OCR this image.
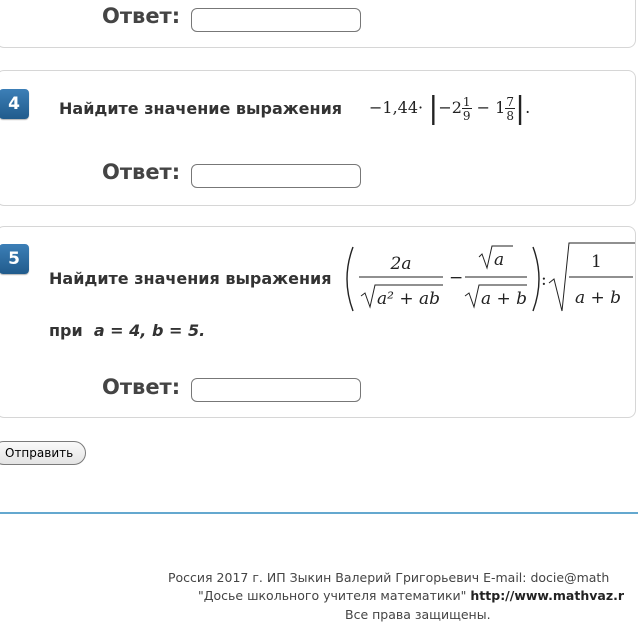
Ответ:
4	Найдите значение выражения $-1,44\cdot |-2 \frac{1}{9} - 1 \frac{7}{8}$ |.
Ответ:
5
Найдите значения выражения
2a
a² + ab
−
a
a + b
:
1
a + b
при a = 4, b = 5.
Ответ:
Отправить
Россия 2017 г. ИП Зыкин Валерий Григорьевич E-mail: docie@math
"Досье школьного учителя математики" http://www.mathvaz.r
Все права защищены.
